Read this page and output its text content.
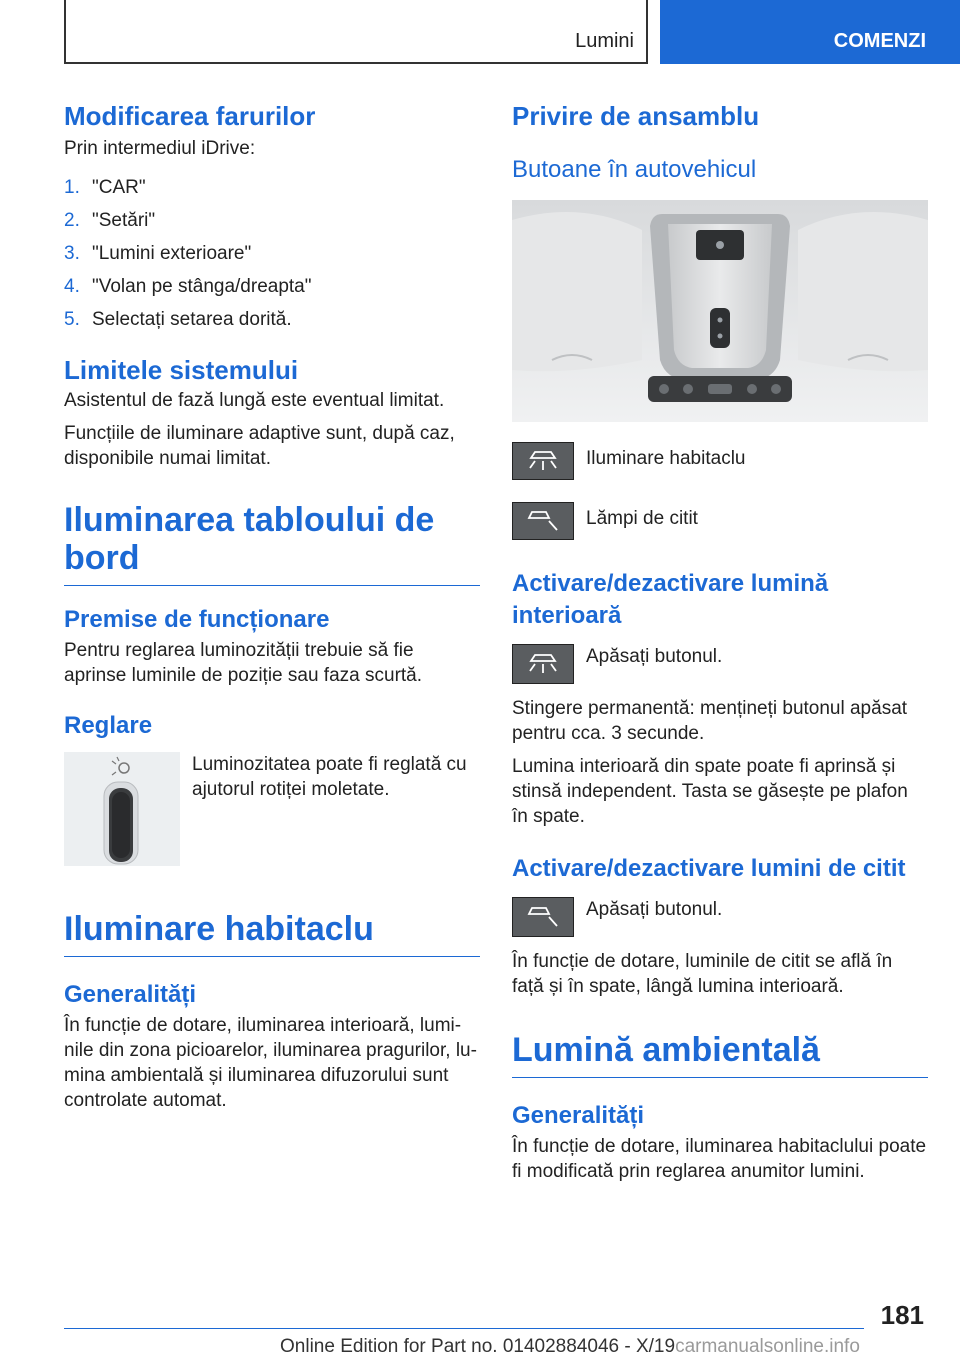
Lumini	COMENZI
Modificarea farurilor

Prin intermediul iDrive:

1. "CAR"
2. "Setări"
3. "Lumini exterioare"
4. "Volan pe stânga/dreapta"
5. Selectați setarea dorită.
Limitele sistemului

Asistentul de fază lungă este eventual limitat.

Funcțiile de iluminare adaptive sunt, după caz, disponibile numai limitat.

Iluminarea tabloului de bord
Premise de funcționare

Pentru reglarea luminozității trebuie să fie aprinse luminile de poziție sau faza scurtă.

Reglare

Luminozitatea poate fi reglată cu ajutorul rotiței moletate.

Iluminare habitaclu
Generalități

În funcție de dotare, iluminarea interioară, luminile din zona picioarelor, iluminarea pragurilor, lumina ambientală și iluminarea difuzorului sunt controlate automat.

Privire de ansamblu
Butoane în autovehicul

Iluminare habitaclu

Lămpi de citit

Activare/dezactivare lumină interioară

Apăsați butonul.

Stingere permanentă: mențineți butonul apăsat pentru cca. 3 secunde.

Lumina interioară din spate poate fi aprinsă și stinsă independent. Tasta se găsește pe plafon în spate.

Activare/dezactivare lumini de citit

Apăsați butonul.

În funcție de dotare, luminile de citit se află în față și în spate, lângă lumina interioară.

Lumină ambientală
Generalități

În funcție de dotare, iluminarea habitaclului poate fi modificată prin reglarea anumitor lumini.

181
Online Edition for Part no. 01402884046 - X/19carmanualsonline.info
